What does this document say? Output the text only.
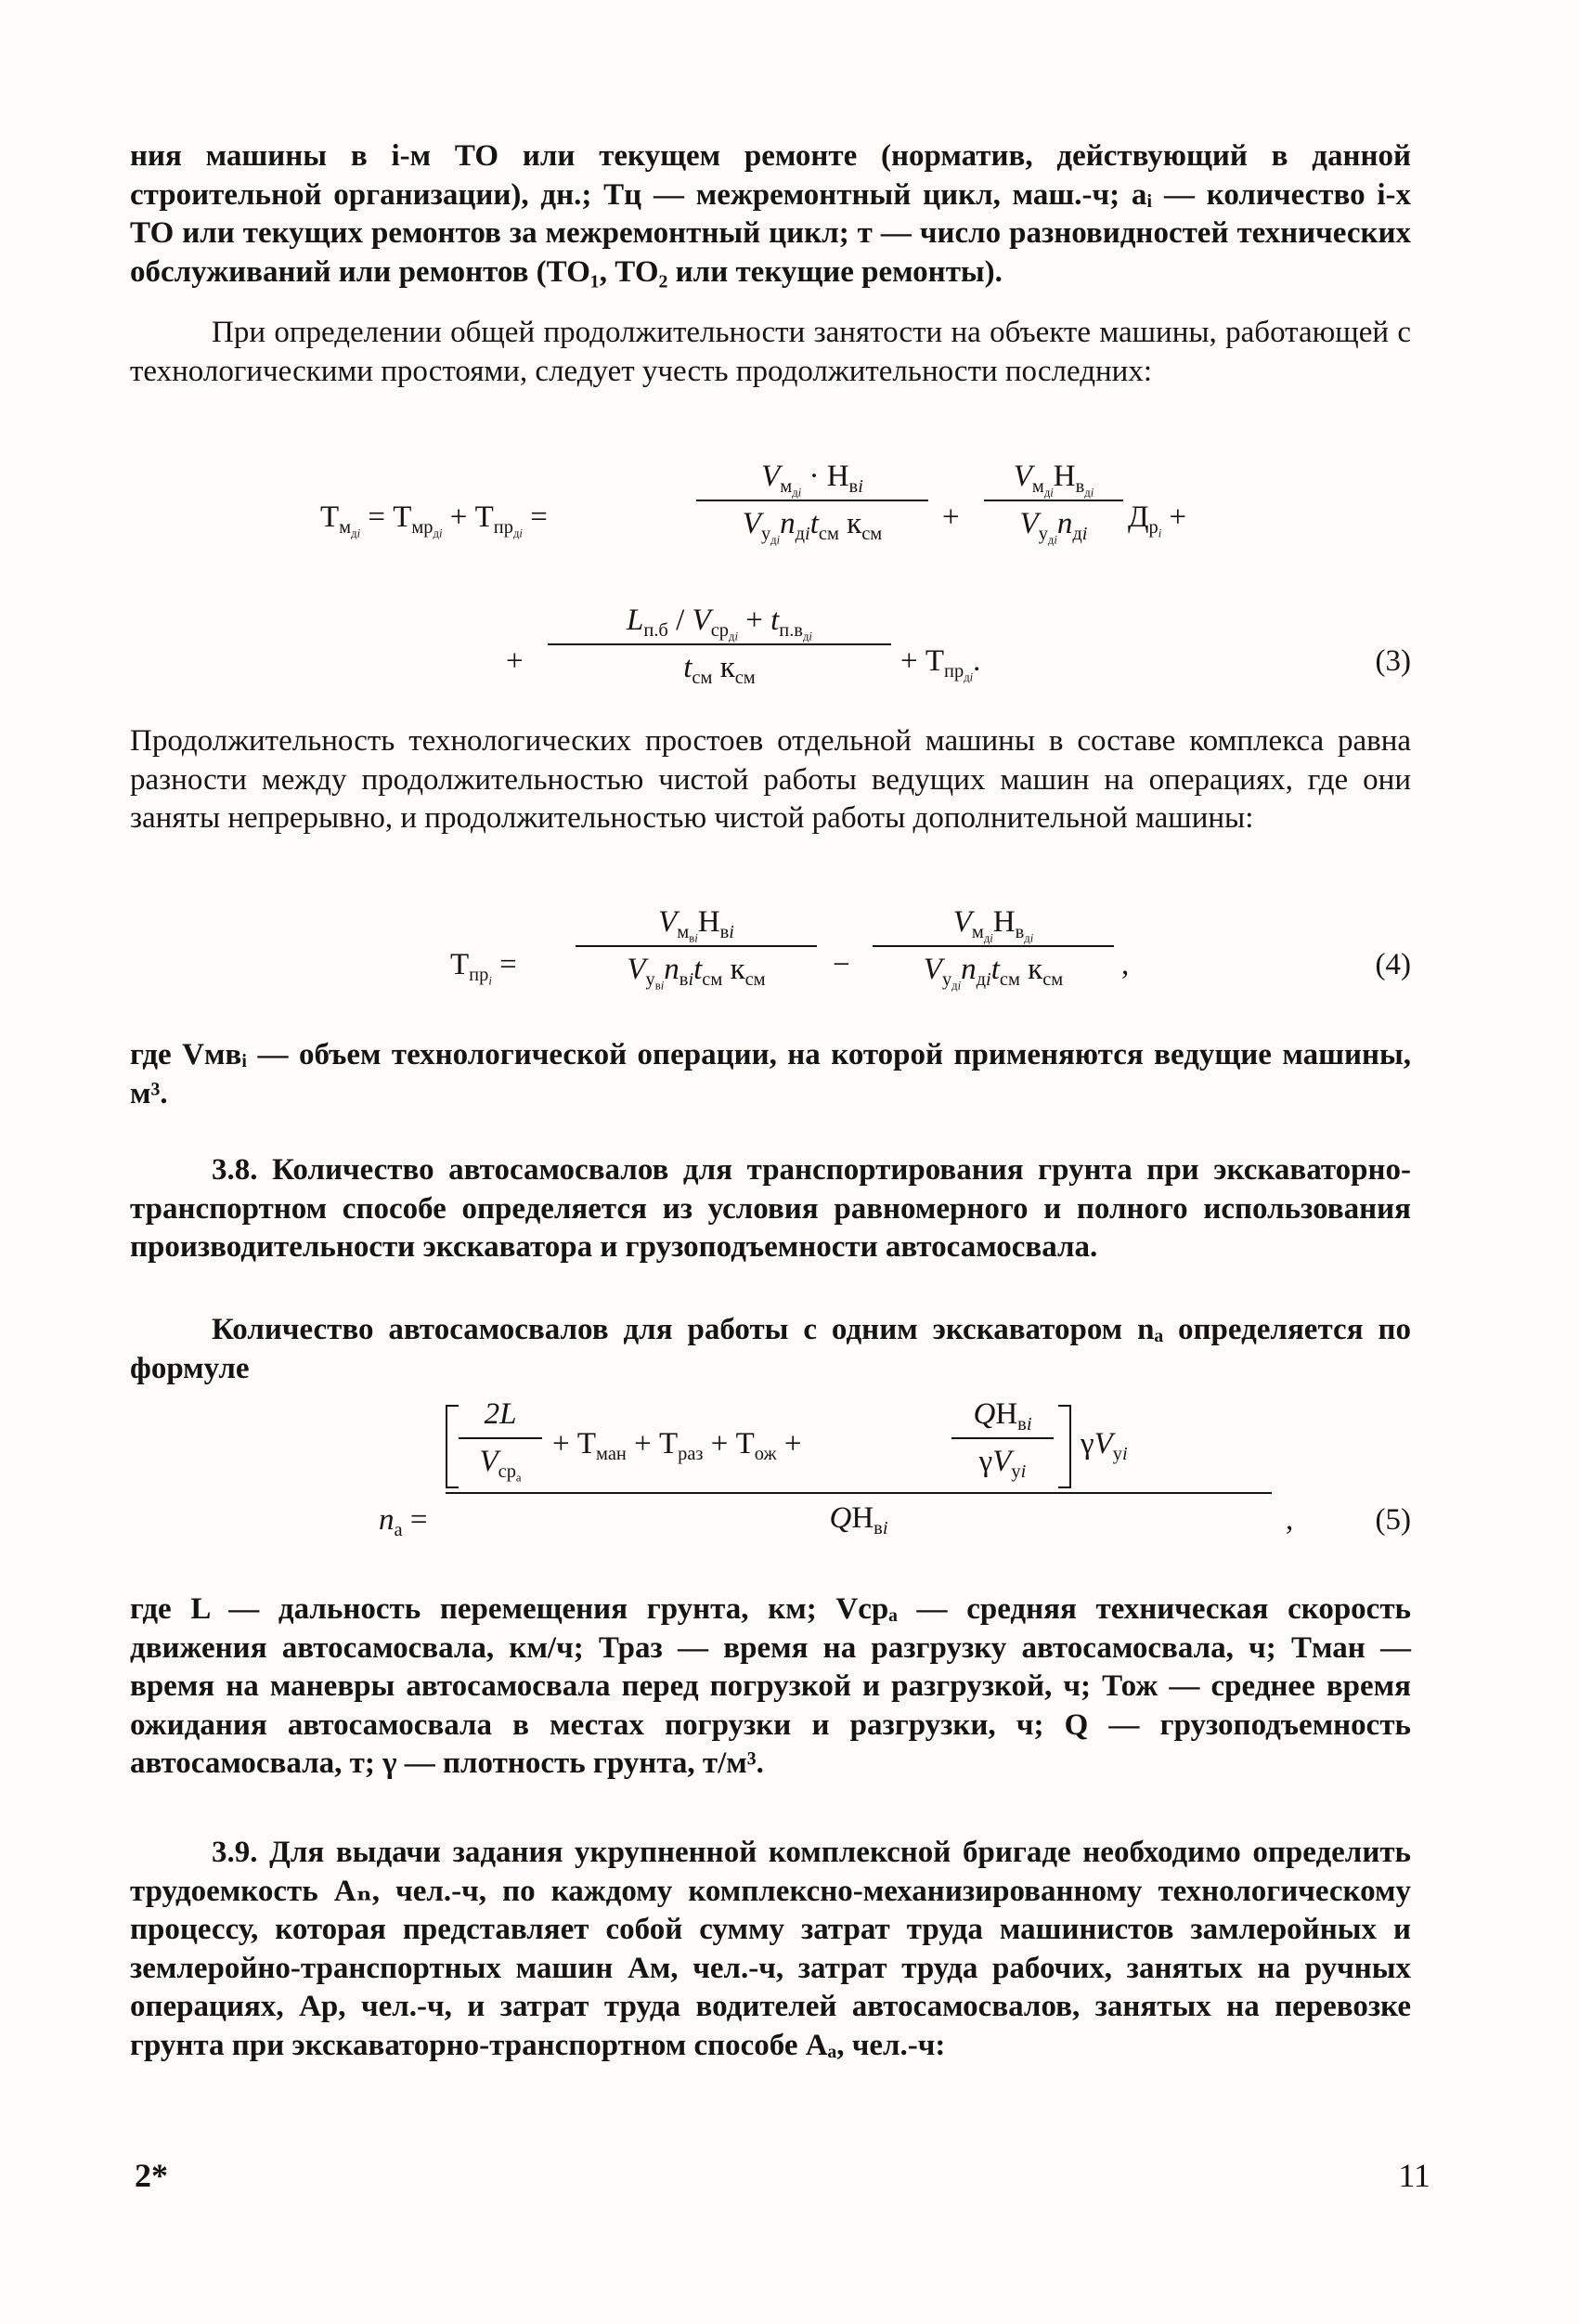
ния машины в i-м ТО или текущем ремонте (норматив, действующий в данной строительной организации), дн.; Тц — межремонтный цикл, маш.-ч; aᵢ — количество i-х ТО или текущих ремонтов за межремонтный цикл; т — число разновидностей технических обслуживаний или ремонтов (ТО₁, ТО₂ или текущие ремонты).

При определении общей продолжительности занятости на объекте машины, работающей с технологическими простоями, следует учесть продолжительности последних:

$Т_{м_{дi}} = Т_{мр_{дi}} + Т_{пр_{дi}}$ =
$V_{м_{дi}} \cdot Н_{вi}$
$V_{у_{дi}}n_{дi}t_{см}$ $к_{см}$
+
$V_{м_{дi}}Н_{в_{дi}}$
$V_{у_{дi}}n_{дi}$
$Д_{р_i}$ +
+
$L_{п.б} / V_{ср_{дi}} + t_{п.в_{дi}}$
$t_{см}$ $к_{см}$
+ $Т_{пр_{дi}}$.	(3)

Продолжительность технологических простоев отдельной машины в составе комплекса равна разности между продолжительностью чистой работы ведущих машин на операциях, где они заняты непрерывно, и продолжительностью чистой работы дополнительной машины:

$Т_{пр_i}$ =
$V_{м_{вi}}Н_{вi}$
$V_{у_{вi}}n_{вi}t_{см}$ $к_{см}$	−
$V_{м_{дi}}Н_{в_{дi}}$
$V_{у_{дi}}n_{дi}t_{см}$ $к_{см}$	,	(4)

где Vмвᵢ — объем технологической операции, на которой применяются ведущие машины, м³.

3.8. Количество автосамосвалов для транспортирования грунта при экскаваторно-транспортном способе определяется из условия равномерного и полного использования производительности экскаватора и грузоподъемности автосамосвала.

Количество автосамосвалов для работы с одним экскаватором nₐ определяется по формуле

$n_а$ =
2L
$V_{ср_а}$
+ $Т_{ман} + Т_{раз} + Т_{ож}$ +
$QН_{вi}$
$\gamma V_{уi}$
$\gamma V_{уi}$
$QН_{вi}$	,	(5)

где L — дальность перемещения грунта, км; Vсрₐ — средняя техническая скорость движения автосамосвала, км/ч; Траз — время на разгрузку автосамосвала, ч; Tман — время на маневры автосамосвала перед погрузкой и разгрузкой, ч; Тож — среднее время ожидания автосамосвала в местах погрузки и разгрузки, ч; Q — грузоподъемность автосамосвала, т; γ — плотность грунта, т/м³.

3.9. Для выдачи задания укрупненной комплексной бригаде необходимо определить трудоемкость Аₙ, чел.-ч, по каждому комплексно-механизированному технологическому процессу, которая представляет собой сумму затрат труда машинистов замлеройных и землеройно-транспортных машин Ам, чел.-ч, затрат труда рабочих, занятых на ручных операциях, Aр, чел.-ч, и затрат труда водителей автосамосвалов, занятых на перевозке грунта при экскаваторно-транспортном способе Аₐ, чел.-ч:

2*	11
